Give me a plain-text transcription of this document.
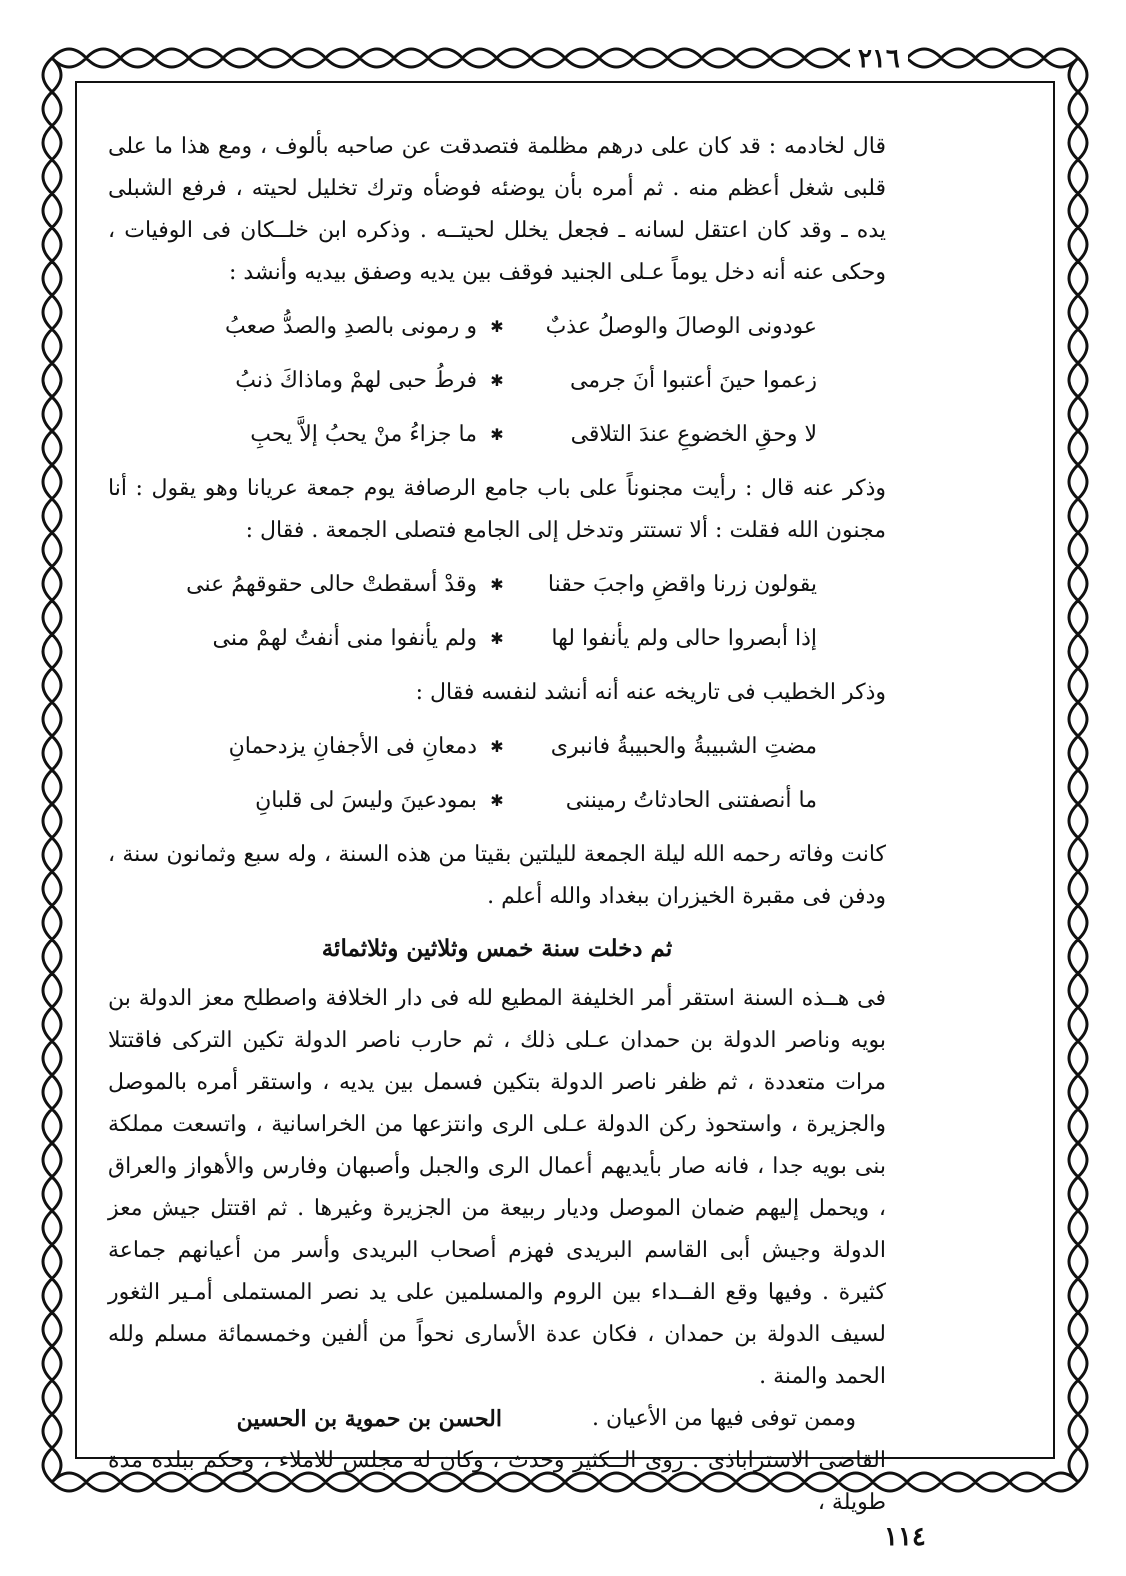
٢١٦

قال لخادمه : قد كان على درهم مظلمة فتصدقت عن صاحبه بألوف ، ومع هذا ما على قلبى شغل أعظم منه . ثم أمره بأن يوضئه فوضأه وترك تخليل لحيته ، فرفع الشبلى يده ـ وقد كان اعتقل لسانه ـ فجعل يخلل لحيتــه . وذكره ابن خلــكان فى الوفيات ، وحكى عنه أنه دخل يوماً عـلى الجنيد فوقف بين يديه وصفق بيديه وأنشد :

عودونى الوصالَ والوصلُ عذبٌ
✱
و رمونى بالصدِ والصدُّ صعبُ
زعموا حينَ أعتبوا أنَ جرمى
✱
فرطُ حبى لهمْ وماذاكَ ذنبُ
لا وحقِ الخضوعِ عندَ التلاقى
✱
ما جزاءُ منْ يحبُ إلاَّ يحبِ

وذكر عنه قال : رأيت مجنوناً على باب جامع الرصافة يوم جمعة عريانا وهو يقول : أنا مجنون الله فقلت : ألا تستتر وتدخل إلى الجامع فتصلى الجمعة . فقال :

يقولون زرنا واقضِ واجبَ حقنا
✱
وقدْ أسقطتْ حالى حقوقهمُ عنى
إذا أبصروا حالى ولم يأنفوا لها
✱
ولم يأنفوا منى أنفتُ لهمْ منى

وذكر الخطيب فى تاريخه عنه أنه أنشد لنفسه فقال :

مضتِ الشبيبةُ والحبيبةُ فانبرى
✱
دمعانِ فى الأجفانِ يزدحمانِ
ما أنصفتنى الحادثاتُ رميننى
✱
بمودعينَ وليسَ لى قلبانِ

كانت وفاته رحمه الله ليلة الجمعة لليلتين بقيتا من هذه السنة ، وله سبع وثمانون سنة ، ودفن فى مقبرة الخيزران ببغداد والله أعلم .

ثم دخلت سنة خمس وثلاثين وثلاثمائة

فى هــذه السنة استقر أمر الخليفة المطيع لله فى دار الخلافة واصطلح معز الدولة بن بويه وناصر الدولة بن حمدان عـلى ذلك ، ثم حارب ناصر الدولة تكين التركى فاقتتلا مرات متعددة ، ثم ظفر ناصر الدولة بتكين فسمل بين يديه ، واستقر أمره بالموصل والجزيرة ، واستحوذ ركن الدولة عـلى الرى وانتزعها من الخراسانية ، واتسعت مملكة بنى بويه جدا ، فانه صار بأيديهم أعمال الرى والجبل وأصبهان وفارس والأهواز والعراق ، ويحمل إليهم ضمان الموصل وديار ربيعة من الجزيرة وغيرها . ثم اقتتل جيش معز الدولة وجيش أبى القاسم البريدى فهزم أصحاب البريدى وأسر من أعيانهم جماعة كثيرة . وفيها وقع الفــداء بين الروم والمسلمين على يد نصر المستملى أمـير الثغور لسيف الدولة بن حمدان ، فكان عدة الأسارى نحواً من ألفين وخمسمائة مسلم ولله الحمد والمنة .

وممن توفى فيها من الأعيان .
الحسن بن حموية بن الحسين

القاضى الاستراباذى . روى الــكثير وحدث ، وكان له مجلس للاملاء ، وحكم ببلده مدة طويلة ،

١١٤
